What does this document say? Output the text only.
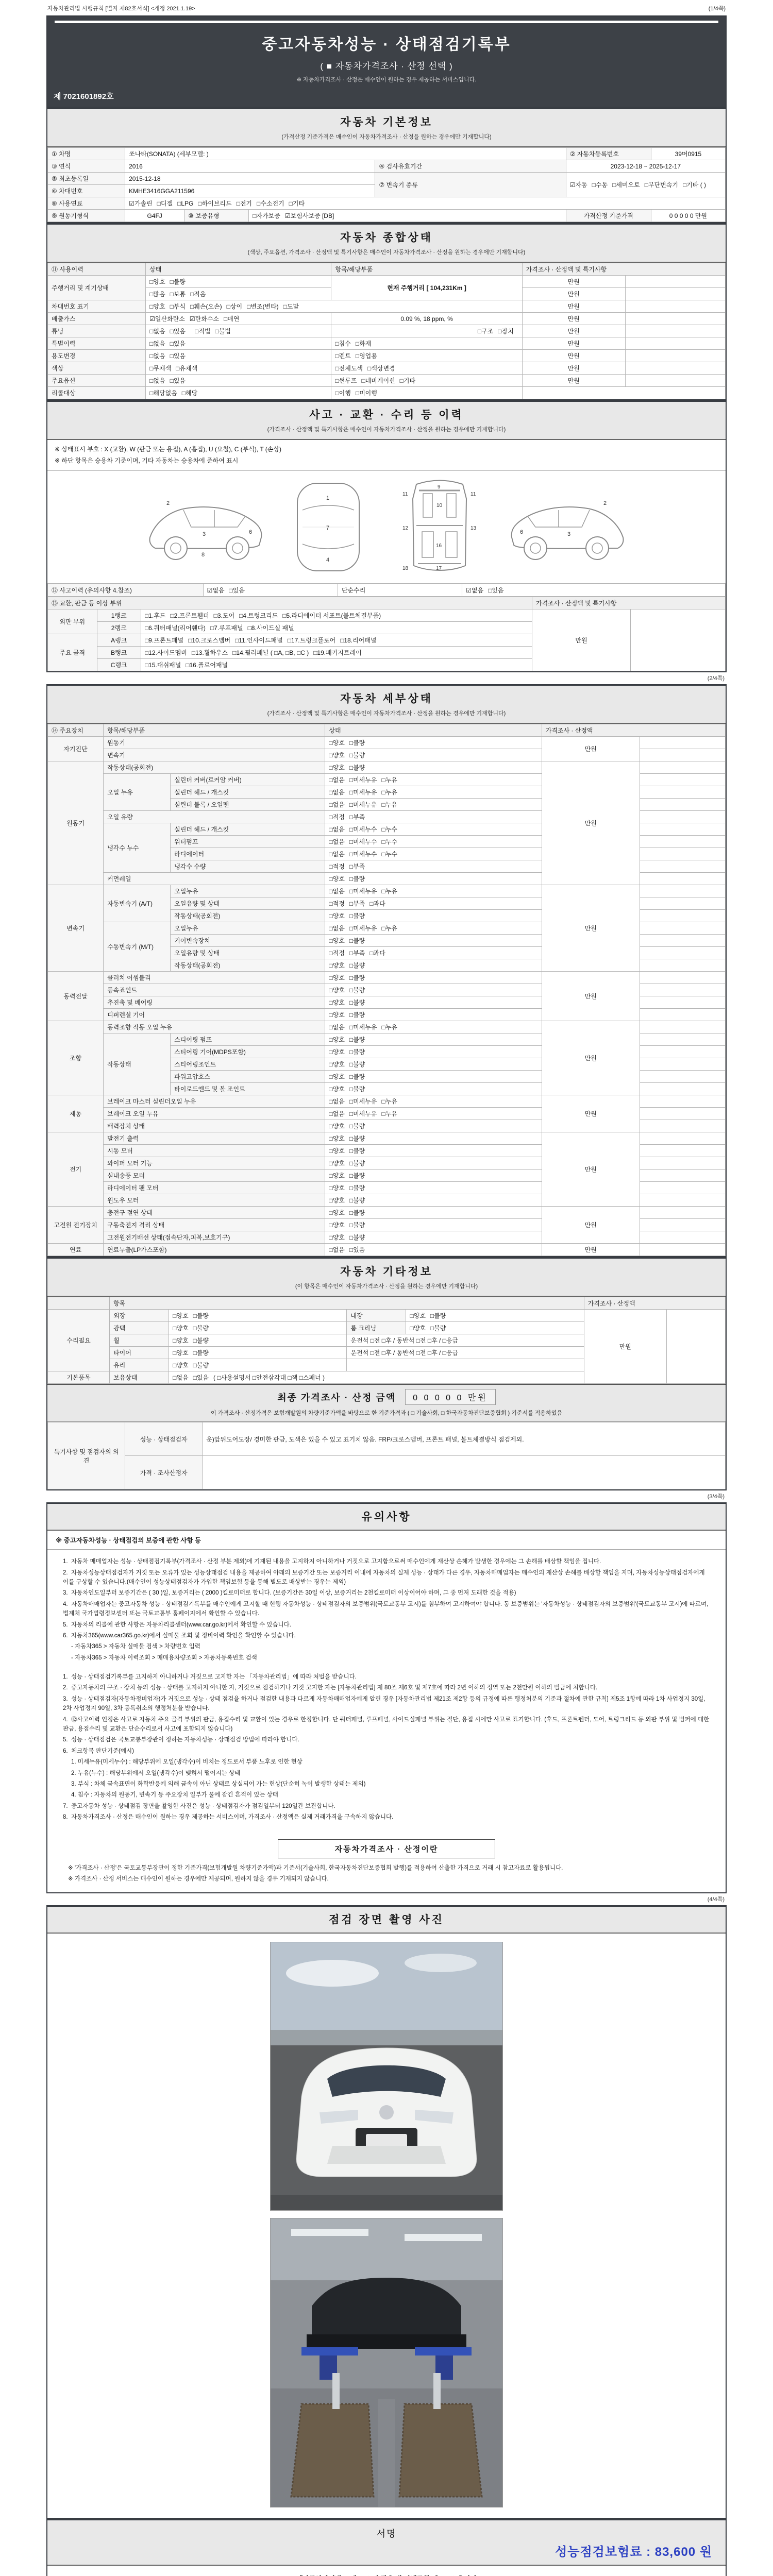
자동차관리법 시행규칙 [별지 제82호서식] <개정 2021.1.19>	(1/4쪽)
중고자동차성능 · 상태점검기록부
( ■ 자동차가격조사 · 산정 선택 )
※ 자동차가격조사 · 산정은 매수인이 원하는 경우 제공하는 서비스입니다.
제 7021601892호
자동차 기본정보
(가격산정 기준가격은 매수인이 자동차가격조사 · 산정을 원하는 경우에만 기재합니다)
① 차명	쏘나타(SONATA) (세부모델: )				② 자동차등록번호	39머0915
③ 연식	2016			④ 검사유효기간	2023-12-18 ~ 2025-12-17	
⑤ 최초등록일	2015-12-18			⑦ 변속기 종류	☑자동 □수동 □세미오토 □무단변속기 □기타 ( )	
⑥ 차대번호	KMHE3416GGA211596					
⑧ 사용연료	☑가솔린 □디젤 □LPG □하이브리드 □전기 □수소전기 □기타					
⑨ 원동기형식	G4FJ	⑩ 보증유형	□자가보증 ☑보험사보증 [DB]		가격산정 기준가격	0 0 0 0 0 만원
자동차 종합상태
(색상, 주요옵션, 가격조사 · 산정액 및 특기사항은 매수인이 자동차가격조사 · 산정을 원하는 경우에만 기재합니다)
⑪ 사용이력	상태	항목/해당부품	가격조사 · 산정액 및 특기사항	
주행거리 및 계기상태	□양호 □불량	현재 주행거리 [ 104,231Km ]	만원	
	□많음 □보통 □적음		만원	
차대번호 표기	□양호 □부식 □훼손(오손) □상이 □변조(변타) □도말		만원	
배출가스	☑일산화탄소 ☑탄화수소 □매연	0.09 %, 18 ppm, %	만원	
튜닝	□없음 □있음 □적법 □불법	□구조 □장치	만원	
특별이력	□없음 □있음	□침수 □화재	만원	
용도변경	□없음 □있음	□렌트 □영업용	만원	
색상	□무채색 □유채색	□전체도색 □색상변경	만원	
주요옵션	□없음 □있음	□썬루프 □네비게이션 □기타	만원	
리콜대상	□해당없음 □해당	□이행 □미이행		
사고 · 교환 · 수리 등 이력
(가격조사 · 산정액 및 특기사항은 매수인이 자동차가격조사 · 산정을 원하는 경우에만 기재합니다)
※ 상태표시 부호 : X (교환), W (판금 또는 용접), A (흠집), U (요철), C (부식), T (손상)
※ 하단 항목은 승용차 기준이며, 기타 자동차는 승용차에 준하여 표시
2
3	6
8
1
7
4
11	11
9
10
12	13
16
17
18
2
3
6
⑫ 사고이력 (유의사항 4.참조)	☑없음 □있음	단순수리	☑없음 □있음
⑬ 교환, 판금 등 이상 부위			가격조사 · 산정액 및 특기사항	
외판 부위	1랭크	□1.후드 □2.프론트휀더 □3.도어 □4.트렁크리드 □5.라디에이터 서포트(볼트체결부품)	만원	
	2랭크	□6.쿼터패널(리어휀다) □7.루프패널 □8.사이드실 패널		
주요 골격	A랭크	□9.프론트패널 □10.크로스멤버 □11.인사이드패널 □17.트렁크플로어 □18.리어패널		
	B랭크	□12.사이드멤버 □13.휠하우스 □14.필러패널 ( □A, □B, □C ) □19.패키지트레이		
	C랭크	□15.대쉬패널 □16.플로어패널		
(2/4쪽)
자동차 세부상태
(가격조사 · 산정액 및 특기사항은 매수인이 자동차가격조사 · 산정을 원하는 경우에만 기재합니다)
⑭ 주요장치	항목/해당부품		상태	가격조사 · 산정액	
자기진단	원동기		□양호 □불량	만원	
	변속기		□양호 □불량		
원동기	작동상태(공회전)		□양호 □불량	만원	
	오일 누유	실린더 커버(로커암 커버)	□없음 □미세누유 □누유		
		실린더 헤드 / 개스킷	□없음 □미세누유 □누유		
		실린더 블록 / 오일팬	□없음 □미세누유 □누유		
	오일 유량		□적정 □부족		
	냉각수 누수	실린더 헤드 / 개스킷	□없음 □미세누수 □누수		
		워터펌프	□없음 □미세누수 □누수		
		라디에이터	□없음 □미세누수 □누수		
		냉각수 수량	□적정 □부족		
	커먼레일		□양호 □불량		
변속기	자동변속기 (A/T)	오일누유	□없음 □미세누유 □누유	만원	
		오일유량 및 상태	□적정 □부족 □과다		
		작동상태(공회전)	□양호 □불량		
	수동변속기 (M/T)	오일누유	□없음 □미세누유 □누유		
		기어변속장치	□양호 □불량		
		오일유량 및 상태	□적정 □부족 □과다		
		작동상태(공회전)	□양호 □불량		
동력전달	클러치 어셈블리		□양호 □불량	만원	
	등속죠인트		□양호 □불량		
	추진축 및 베어링		□양호 □불량		
	디퍼렌셜 기어		□양호 □불량		
조향	동력조향 작동 오일 누유		□없음 □미세누유 □누유	만원	
	작동상태	스티어링 펌프	□양호 □불량		
		스티어링 기어(MDPS포함)	□양호 □불량		
		스티어링조인트	□양호 □불량		
		파워고압호스	□양호 □불량		
		타이로드엔드 및 볼 조인트	□양호 □불량		
제동	브레이크 마스터 실린더오일 누유		□없음 □미세누유 □누유	만원	
	브레이크 오일 누유		□없음 □미세누유 □누유		
	배력장치 상태		□양호 □불량		
전기	발전기 출력		□양호 □불량	만원	
	시동 모터		□양호 □불량		
	와이퍼 모터 기능		□양호 □불량		
	실내송풍 모터		□양호 □불량		
	라디에이터 팬 모터		□양호 □불량		
	윈도우 모터		□양호 □불량		
고전원 전기장치	충전구 절연 상태		□양호 □불량	만원	
	구동축전지 격리 상태		□양호 □불량		
	고전원전기배선 상태(접속단자,피복,보호기구)		□양호 □불량		
연료	연료누출(LP가스포함)		□없음 □있음	만원	
자동차 기타정보
(이 항목은 매수인이 자동차가격조사 · 산정을 원하는 경우에만 기재합니다)
	항목				가격조사 · 산정액	
수리필요	외장	□양호 □불량	내장	□양호 □불량	만원	
	광택	□양호 □불량	룸 크리닝	□양호 □불량		
	휠	□양호 □불량	운전석 □전 □후 / 동반석 □전 □후 / □응급			
	타이어	□양호 □불량	운전석 □전 □후 / 동반석 □전 □후 / □응급			
	유리	□양호 □불량				
기본품목	보유상태	□없음 □있음 ( □사용설명서 □안전삼각대 □잭 □스패너 )				
최종 가격조사 · 산정 금액	0 0 0 0 0 만원
이 가격조사 · 산정가격은 보험개발원의 차량기준가액을 바탕으로 한 기준가격과 ( □ 기술사회, □ 한국자동차진단보증협회 ) 기준서를 적용하였음
특기사항 및 점검자의 의견	성능 · 상태점검자	운)앞뒤도어도장/ 경미한 판금, 도색은 있을 수 있고 표기치 않음. FRP/크로스멤버, 프론트 패널, 볼트체결방식 점검제외.
	가격 · 조사산정자	
(3/4쪽)
유의사항
※ 중고자동차성능 · 상태점검의 보증에 관한 사항 등
1.  자동차 매매업자는 성능 · 상태점검기록부(가격조사 · 산정 부분 제외)에 기재된 내용을 고지하지 아니하거나 거짓으로 고지함으로써 매수인에게 재산상 손해가 발생한 경우에는 그 손해를 배상할 책임을 집니다.
2.  자동차성능상태점검자가 거짓 또는 오류가 있는 성능상태점검 내용을 제공하여 아래의 보증기간 또는 보증거리 이내에 자동차의 실제 성능 · 상태가 다른 경우, 자동차매매업자는 매수인의 재산상 손해를 배상할 책임을 지며, 자동차성능상태점검자에게 이를 구상할 수 있습니다.(매수인이 성능상태점검자가 가입한 책임보험 등을 통해 별도로 배상받는 경우는 제외)
3.  자동차인도일부터 보증기간은 ( 30 )일, 보증거리는 ( 2000 )킬로미터로 합니다. (보증기간은 30일 이상, 보증거리는 2천킬로미터 이상이어야 하며, 그 중 먼저 도래한 것을 적용)
4.  자동차매매업자는 중고자동차 성능 · 상태점검기록부를 매수인에게 고지할 때 현행 자동차성능 · 상태점검자의 보증범위(국토교통부 고시)를 첨부하여 고지하여야 합니다. 동 보증범위는 '자동차성능 · 상태점검자의 보증범위'(국토교통부 고시)에 따르며, 법제처 국가법령정보센터 또는 국토교통부 홈페이지에서 확인할 수 있습니다.
5.  자동차의 리콜에 관한 사항은 자동차리콜센터(www.car.go.kr)에서 확인할 수 있습니다.
6.  자동차365(www.car365.go.kr)에서 실매물 조회 및 정비이력 확인을 확인할 수 있습니다.
- 자동차365 > 자동차 실매물 검색 > 차량번호 입력
- 자동차365 > 자동차 이력조회 > 매매용차량조회 > 자동차등록번호 검색
1.  성능 · 상태점검기록부를 고지하지 아니하거나 거짓으로 고지한 자는 「자동차관리법」에 따라 처벌을 받습니다.
2.  중고자동차의 구조 · 장치 등의 성능 · 상태를 고지하지 아니한 자, 거짓으로 점검하거나 거짓 고지한 자는 [자동차관리법] 제 80조 제6호 및 제7호에 따라 2년 이하의 징역 또는 2천만원 이하의 벌금에 처합니다.
3.  성능 · 상태점검자(자동차정비업자)가 거짓으로 성능 · 상태 점검을 하거나 점검한 내용과 다르게 자동차매매업자에게 알린 경우 [자동차관리법 제21조 제2항 등의 규정에 따른 행정처분의 기준과 절차에 관한 규칙] 제5조 1항에 따라 1차 사업정지 30일, 2차 사업정지 90일, 3차 등록취소의 행정처분을 받습니다.
4.  ⑫사고이력 인정은 사고로 자동차 주요 골격 부위의 판금, 용접수리 및 교환이 있는 경우로 한정합니다. 단 쿼터패널, 루프패널, 사이드실패널 부위는 절단, 용접 시에만 사고로 표기합니다. (후드, 프론트펜더, 도어, 트렁크리드 등 외판 부위 및 범퍼에 대한 판금, 용접수리 및 교환은 단순수리로서 사고에 포함되지 않습니다)
5.  성능 · 상태점검은 국토교통부장관이 정하는 자동차성능 · 상태점검 방법에 따라야 합니다.
6.  체크항목 판단기준(예시)
1. 미세누유(미세누수) : 해당부위에 오일(냉각수)이 비치는 정도로서 부품 노후로 인한 현상
2. 누유(누수) : 해당부위에서 오일(냉각수)이 맺혀서 떨어지는 상태
3. 부식 : 차체 금속표면이 화학반응에 의해 금속이 아닌 상태로 상실되어 가는 현상(단순히 녹이 발생한 상태는 제외)
4. 침수 : 자동차의 원동기, 변속기 등 주요장치 일부가 물에 잠긴 흔적이 있는 상태
7.  중고자동차 성능 · 상태점검 장면을 촬영한 사진은 성능 · 상태점검자가 점검일부터 120일간 보관합니다.
8.  자동차가격조사 · 산정은 매수인이 원하는 경우 제공하는 서비스이며, 가격조사 · 산정액은 실제 거래가격을 구속하지 않습니다.
자동차가격조사 · 산정이란
※ '가격조사 · 산정'은 국토교통부장관이 정한 기준가격(보험개발원 차량기준가액)과 기준서(기술사회, 한국자동차진단보증협회 발행)를 적용하여 산출한 가격으로 거래 시 참고자료로 활용됩니다.
※ 가격조사 · 산정 서비스는 매수인이 원하는 경우에만 제공되며, 원하지 않을 경우 기재되지 않습니다.
(4/4쪽)
점검 장면 촬영 사진
서명
성능점검보험료 : 83,600 원
